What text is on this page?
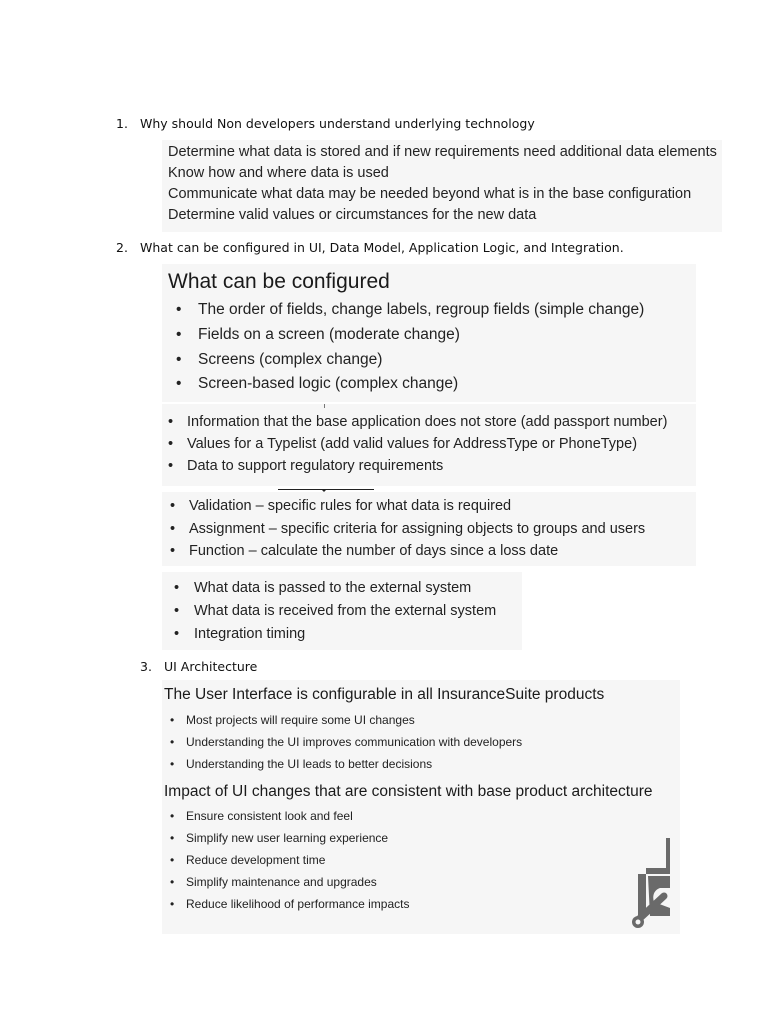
1. Why should Non developers understand underlying technology
2. What can be configured in UI, Data Model, Application Logic, and Integration.
3. UI Architecture
Determine what data is stored and if new requirements need additional data elements
Know how and where data is used
Communicate what data may be needed beyond what is in the base configuration
Determine valid values or circumstances for the new data
What can be configured
• The order of fields, change labels, regroup fields (simple change)
• Fields on a screen (moderate change)
• Screens (complex change)
• Screen-based logic (complex change)
• Information that the base application does not store (add passport number)
• Values for a Typelist (add valid values for AddressType or PhoneType)
• Data to support regulatory requirements
• Validation – specific rules for what data is required
• Assignment – specific criteria for assigning objects to groups and users
• Function – calculate the number of days since a loss date
• What data is passed to the external system
• What data is received from the external system
• Integration timing
The User Interface is configurable in all InsuranceSuite products
• Most projects will require some UI changes
• Understanding the UI improves communication with developers
• Understanding the UI leads to better decisions
Impact of UI changes that are consistent with base product architecture
• Ensure consistent look and feel
• Simplify new user learning experience
• Reduce development time
• Simplify maintenance and upgrades
• Reduce likelihood of performance impacts
